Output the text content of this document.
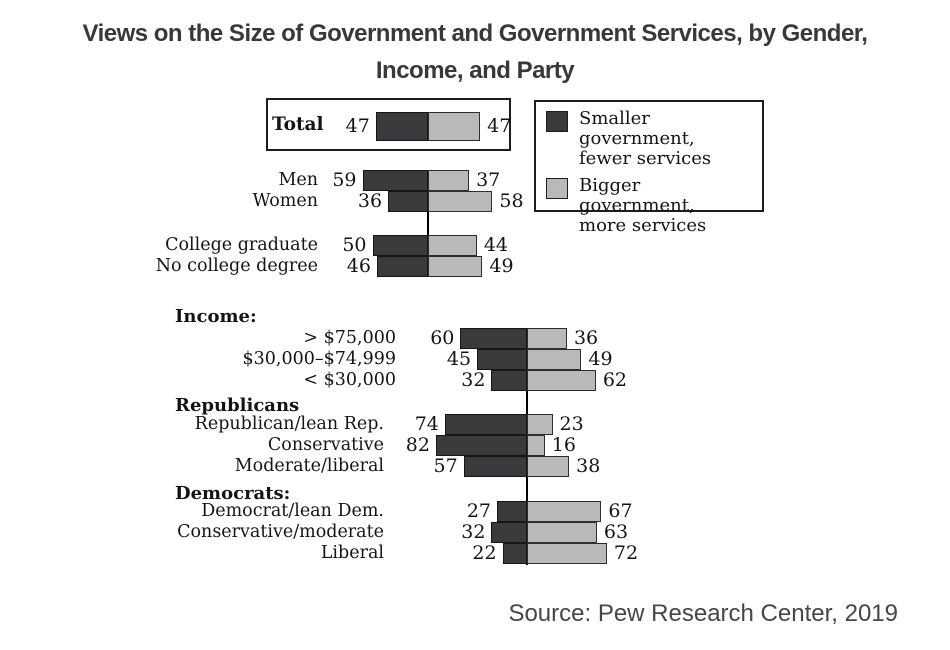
Views on the Size of Government and Government Services, by Gender,
Income, and Party
Smaller government,
fewer services
Bigger government,
more services
Total 47	47
Men 59	37
Women 36	58
College graduate 50	44
No college degree 46	49
Income:
> $75,000 60	36
$30,000–$74,999	45	49
< $30,000	32	62
Republicans
Republican/lean Rep. 74	23
Conservative 82	16
Moderate/liberal	57	38
Democrats:
Democrat/lean Dem.	27	67
Conservative/moderate	32	63
Liberal	22	72
Source: Pew Research Center, 2019
